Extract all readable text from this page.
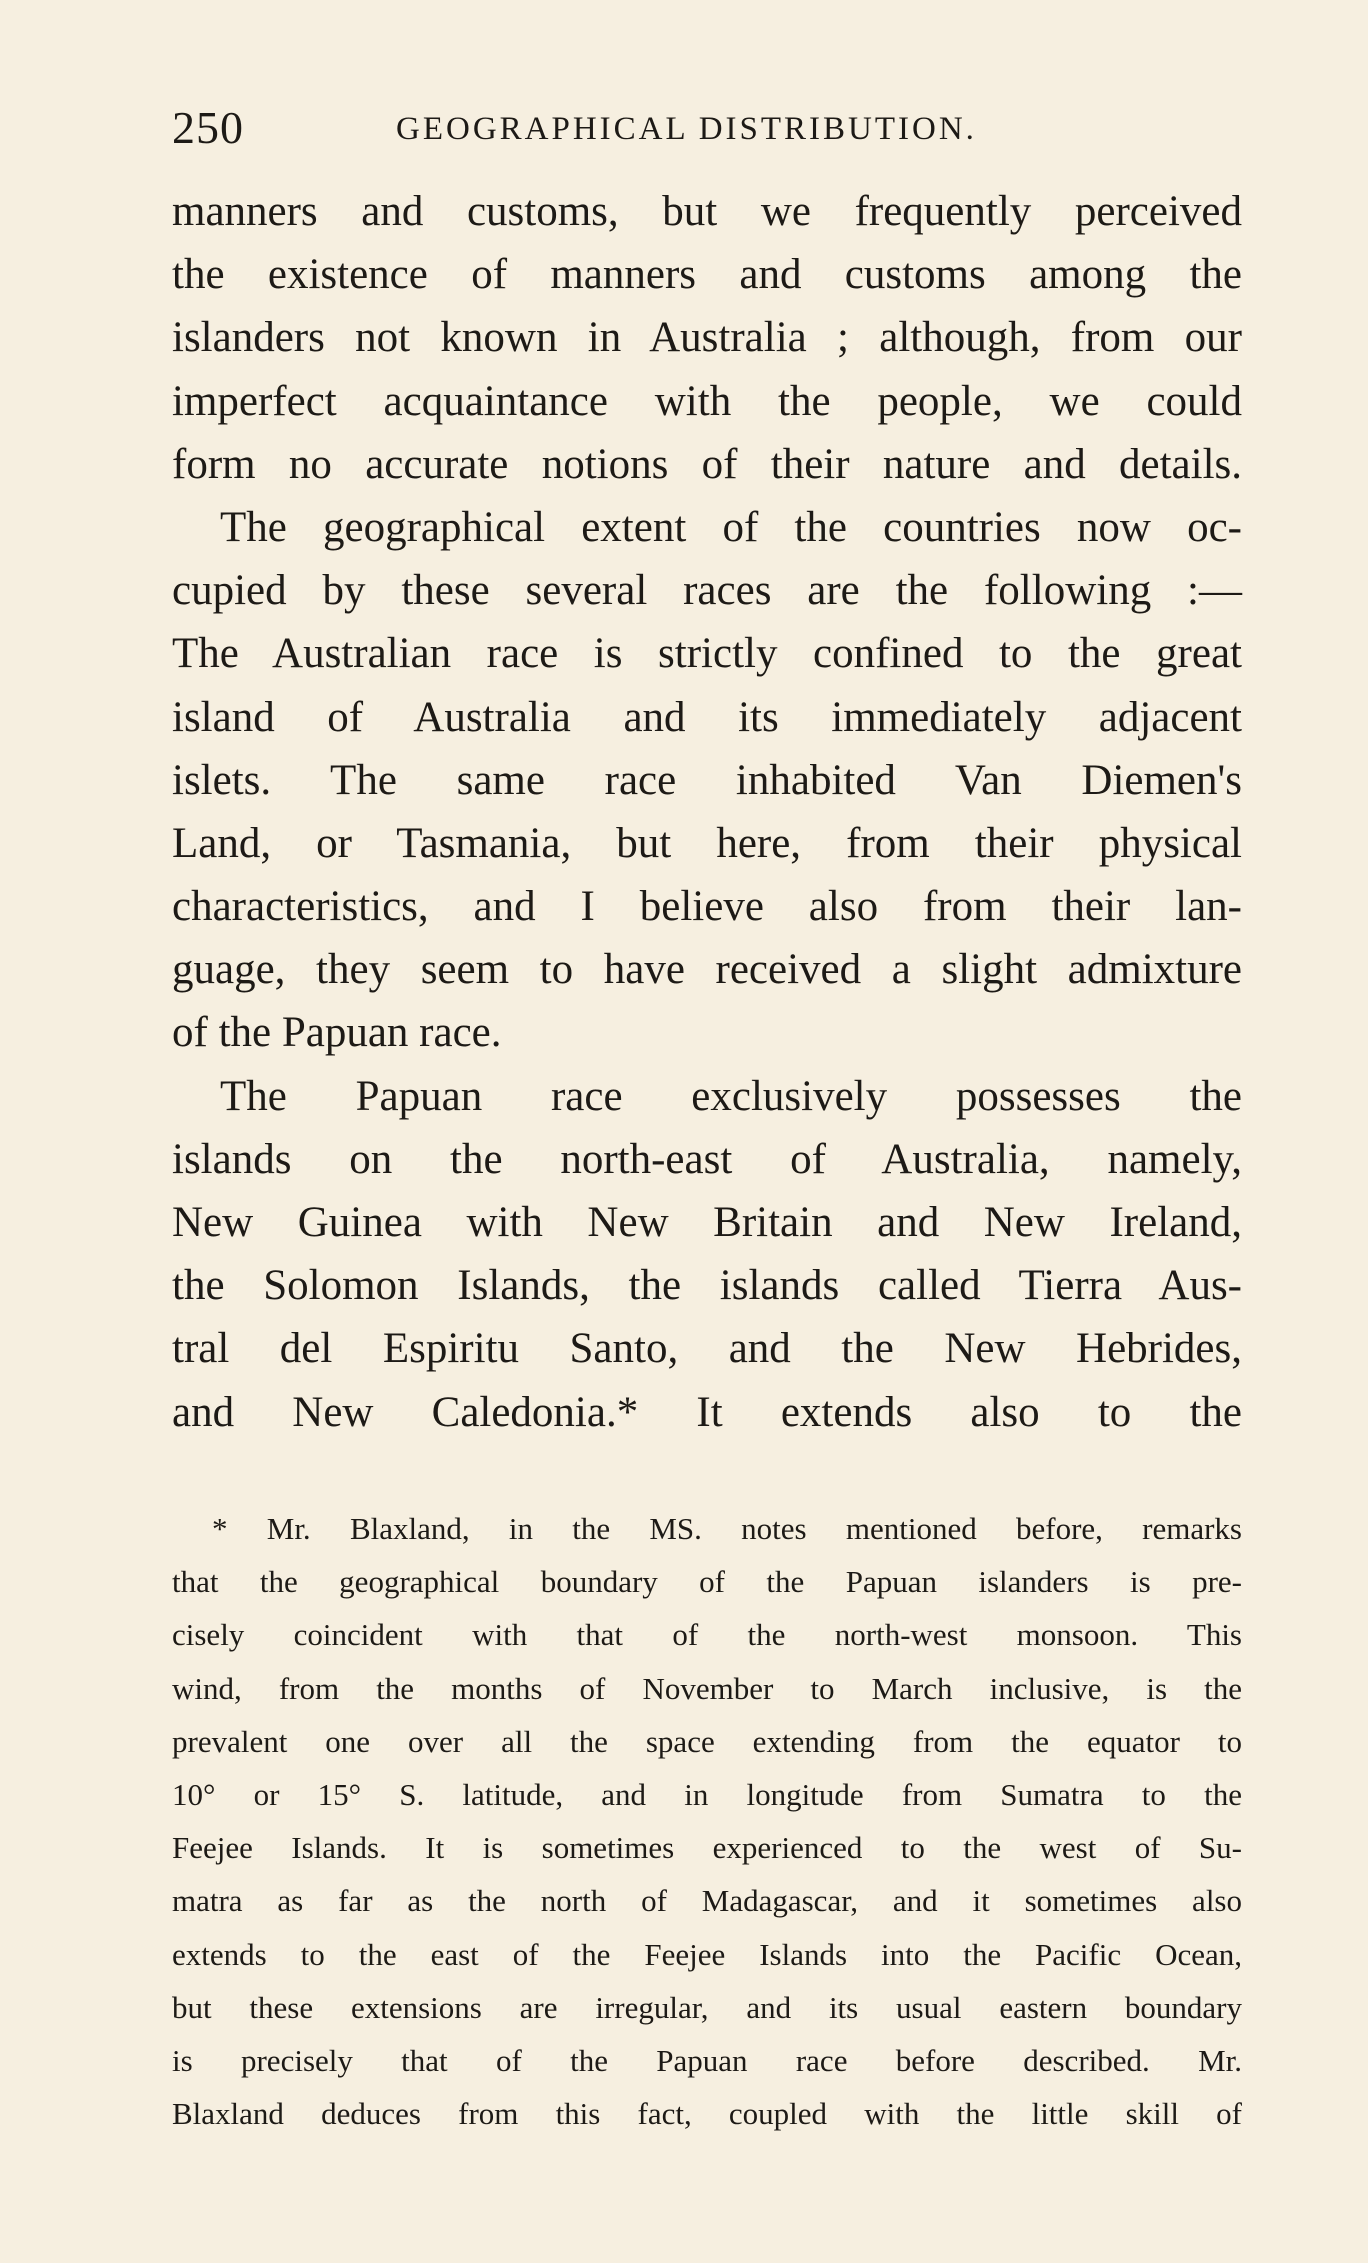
250	GEOGRAPHICAL DISTRIBUTION.
manners and customs, but we frequently perceived
the existence of manners and customs among the
islanders not known in Australia ; although, from our
imperfect acquaintance with the people, we could
form no accurate notions of their nature and details.
The geographical extent of the countries now oc-
cupied by these several races are the following :—
The Australian race is strictly confined to the great
island of Australia and its immediately adjacent
islets. The same race inhabited Van Diemen's
Land, or Tasmania, but here, from their physical
characteristics, and I believe also from their lan-
guage, they seem to have received a slight admixture
of the Papuan race.
The Papuan race exclusively possesses the
islands on the north-east of Australia, namely,
New Guinea with New Britain and New Ireland,
the Solomon Islands, the islands called Tierra Aus-
tral del Espiritu Santo, and the New Hebrides,
and New Caledonia.* It extends also to the
* Mr. Blaxland, in the MS. notes mentioned before, remarks
that the geographical boundary of the Papuan islanders is pre-
cisely coincident with that of the north-west monsoon. This
wind, from the months of November to March inclusive, is the
prevalent one over all the space extending from the equator to
10° or 15° S. latitude, and in longitude from Sumatra to the
Feejee Islands. It is sometimes experienced to the west of Su-
matra as far as the north of Madagascar, and it sometimes also
extends to the east of the Feejee Islands into the Pacific Ocean,
but these extensions are irregular, and its usual eastern boundary
is precisely that of the Papuan race before described. Mr.
Blaxland deduces from this fact, coupled with the little skill of
